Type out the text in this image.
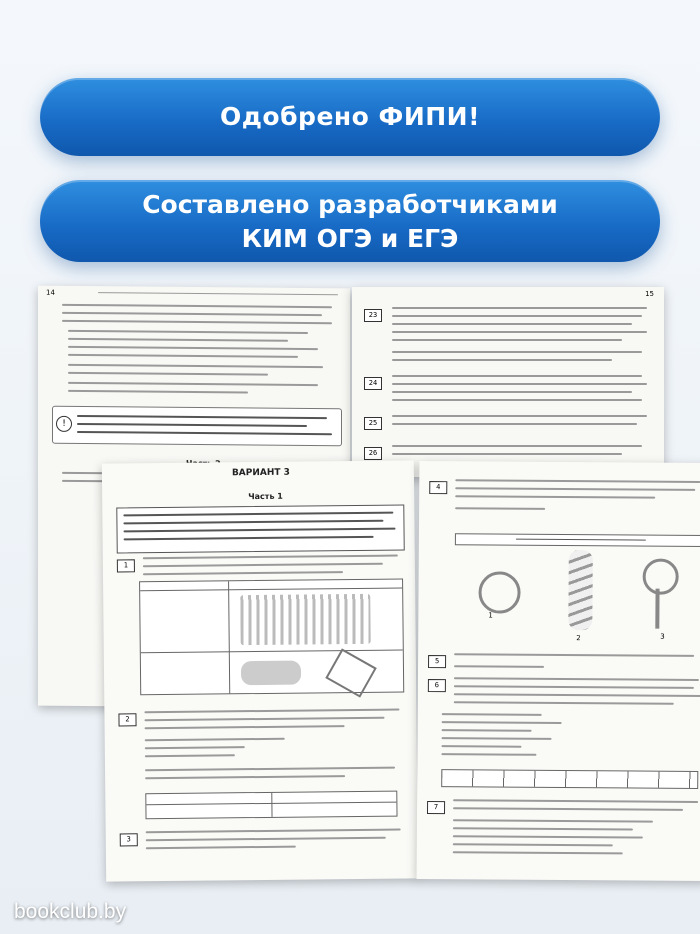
Одобрено ФИПИ!
Составлено разработчиками
КИМ ОГЭ и ЕГЭ
14
!
15
23
24
25
26
ВАРИАНТ 3
Часть 1
1
2
3
4
1
2	3
5
6
7
bookclub.by
